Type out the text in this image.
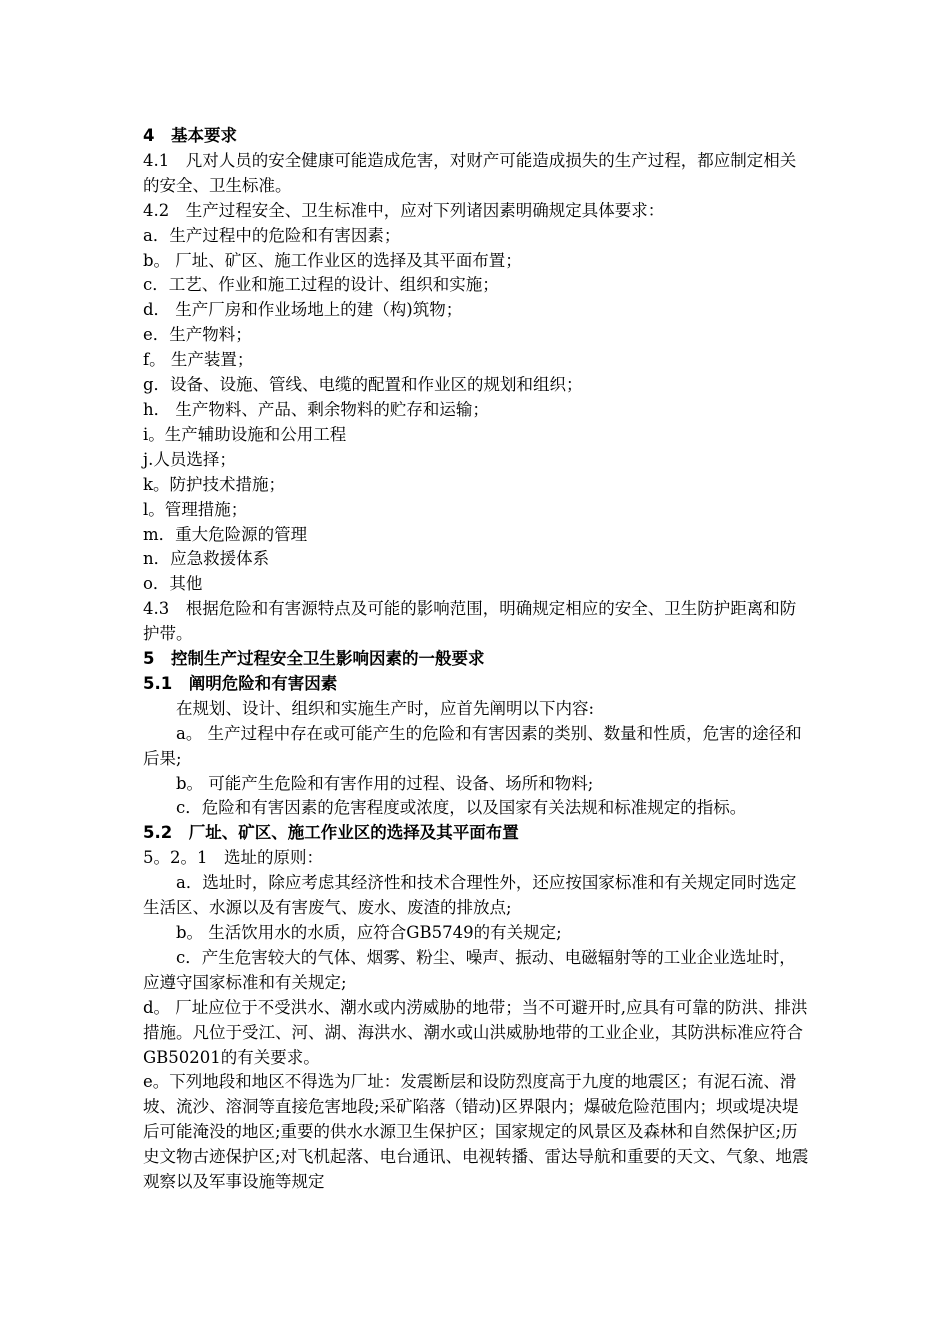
4　基本要求

4.1　凡对人员的安全健康可能造成危害，对财产可能造成损失的生产过程，都应制定相关的安全、卫生标准。

4.2　生产过程安全、卫生标准中，应对下列诸因素明确规定具体要求：

a．生产过程中的危险和有害因素；

b。 厂址、矿区、施工作业区的选择及其平面布置；

c．工艺、作业和施工过程的设计、组织和实施；

d． 生产厂房和作业场地上的建（构)筑物；

e．生产物料；

f。 生产装置；

g．设备、设施、管线、电缆的配置和作业区的规划和组织；

h． 生产物料、产品、剩余物料的贮存和运输；

i。生产辅助设施和公用工程

j.人员选择；

k。防护技术措施；

l。管理措施；

m．重大危险源的管理

n．应急救援体系

o．其他

4.3　根据危险和有害源特点及可能的影响范围，明确规定相应的安全、卫生防护距离和防护带。

5　控制生产过程安全卫生影响因素的一般要求

5.1　阐明危险和有害因素

在规划、设计、组织和实施生产时，应首先阐明以下内容:

a。 生产过程中存在或可能产生的危险和有害因素的类别、数量和性质，危害的途径和后果;

b。 可能产生危险和有害作用的过程、设备、场所和物料;

c．危险和有害因素的危害程度或浓度，以及国家有关法规和标准规定的指标。

5.2　厂址、矿区、施工作业区的选择及其平面布置

5。2。1　选址的原则：

a．选址时，除应考虑其经济性和技术合理性外，还应按国家标准和有关规定同时选定生活区、水源以及有害废气、废水、废渣的排放点;

b。 生活饮用水的水质，应符合GB5749的有关规定;

c．产生危害较大的气体、烟雾、粉尘、噪声、振动、电磁辐射等的工业企业选址时，应遵守国家标准和有关规定;

d。 厂址应位于不受洪水、潮水或内涝威胁的地带；当不可避开时,应具有可靠的防洪、排洪措施。凡位于受江、河、湖、海洪水、潮水或山洪威胁地带的工业企业，其防洪标准应符合GB50201的有关要求。

e。下列地段和地区不得选为厂址：发震断层和设防烈度高于九度的地震区；有泥石流、滑坡、流沙、溶洞等直接危害地段;采矿陷落（错动)区界限内；爆破危险范围内；坝或堤决堤后可能淹没的地区;重要的供水水源卫生保护区；国家规定的风景区及森林和自然保护区;历史文物古迹保护区;对飞机起落、电台通讯、电视转播、雷达导航和重要的天文、气象、地震观察以及军事设施等规定
